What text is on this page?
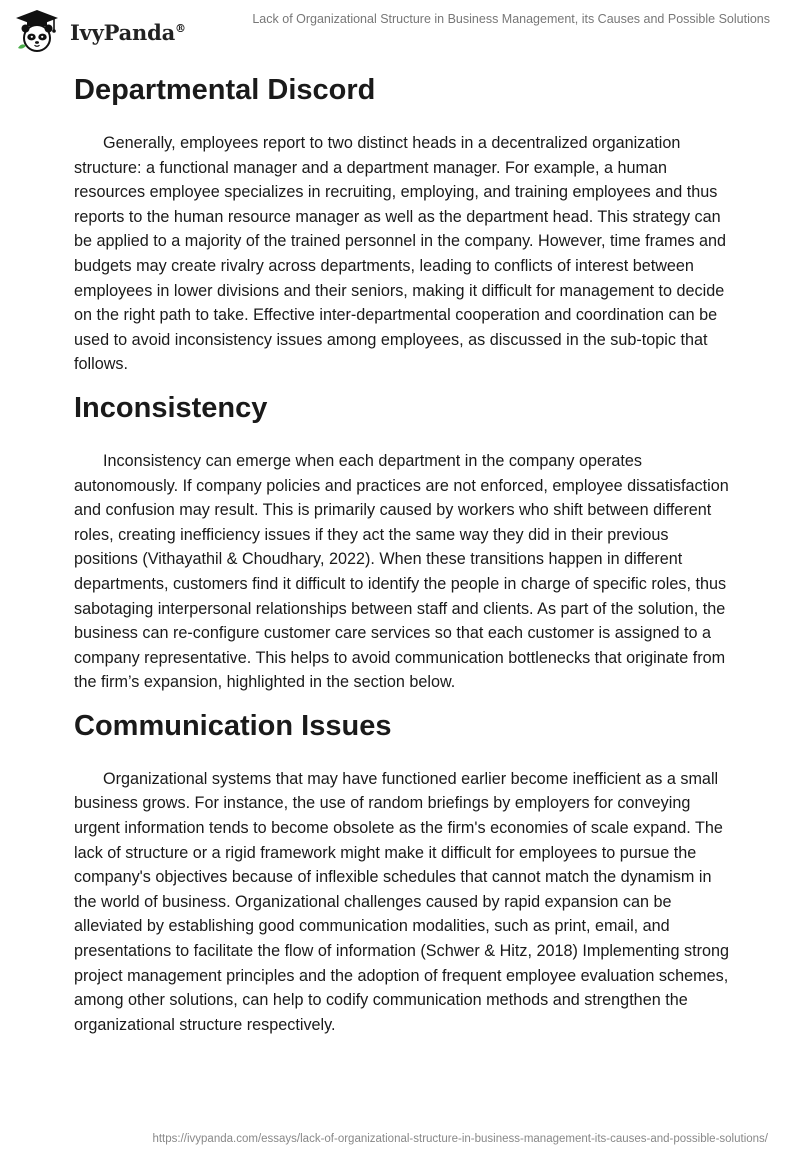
IvyPanda®
Lack of Organizational Structure in Business Management, its Causes and Possible Solutions
Departmental Discord

Generally, employees report to two distinct heads in a decentralized organization structure: a functional manager and a department manager. For example, a human resources employee specializes in recruiting, employing, and training employees and thus reports to the human resource manager as well as the department head. This strategy can be applied to a majority of the trained personnel in the company. However, time frames and budgets may create rivalry across departments, leading to conflicts of interest between employees in lower divisions and their seniors, making it difficult for management to decide on the right path to take. Effective inter-departmental cooperation and coordination can be used to avoid inconsistency issues among employees, as discussed in the sub-topic that follows.

Inconsistency

Inconsistency can emerge when each department in the company operates autonomously. If company policies and practices are not enforced, employee dissatisfaction and confusion may result. This is primarily caused by workers who shift between different roles, creating inefficiency issues if they act the same way they did in their previous positions (Vithayathil & Choudhary, 2022). When these transitions happen in different departments, customers find it difficult to identify the people in charge of specific roles, thus sabotaging interpersonal relationships between staff and clients. As part of the solution, the business can re-configure customer care services so that each customer is assigned to a company representative. This helps to avoid communication bottlenecks that originate from the firm’s expansion, highlighted in the section below.

Communication Issues

Organizational systems that may have functioned earlier become inefficient as a small business grows. For instance, the use of random briefings by employers for conveying urgent information tends to become obsolete as the firm's economies of scale expand. The lack of structure or a rigid framework might make it difficult for employees to pursue the company's objectives because of inflexible schedules that cannot match the dynamism in the world of business. Organizational challenges caused by rapid expansion can be alleviated by establishing good communication modalities, such as print, email, and presentations to facilitate the flow of information (Schwer & Hitz, 2018) Implementing strong project management principles and the adoption of frequent employee evaluation schemes, among other solutions, can help to codify communication methods and strengthen the organizational structure respectively.

https://ivypanda.com/essays/lack-of-organizational-structure-in-business-management-its-causes-and-possible-solutions/
